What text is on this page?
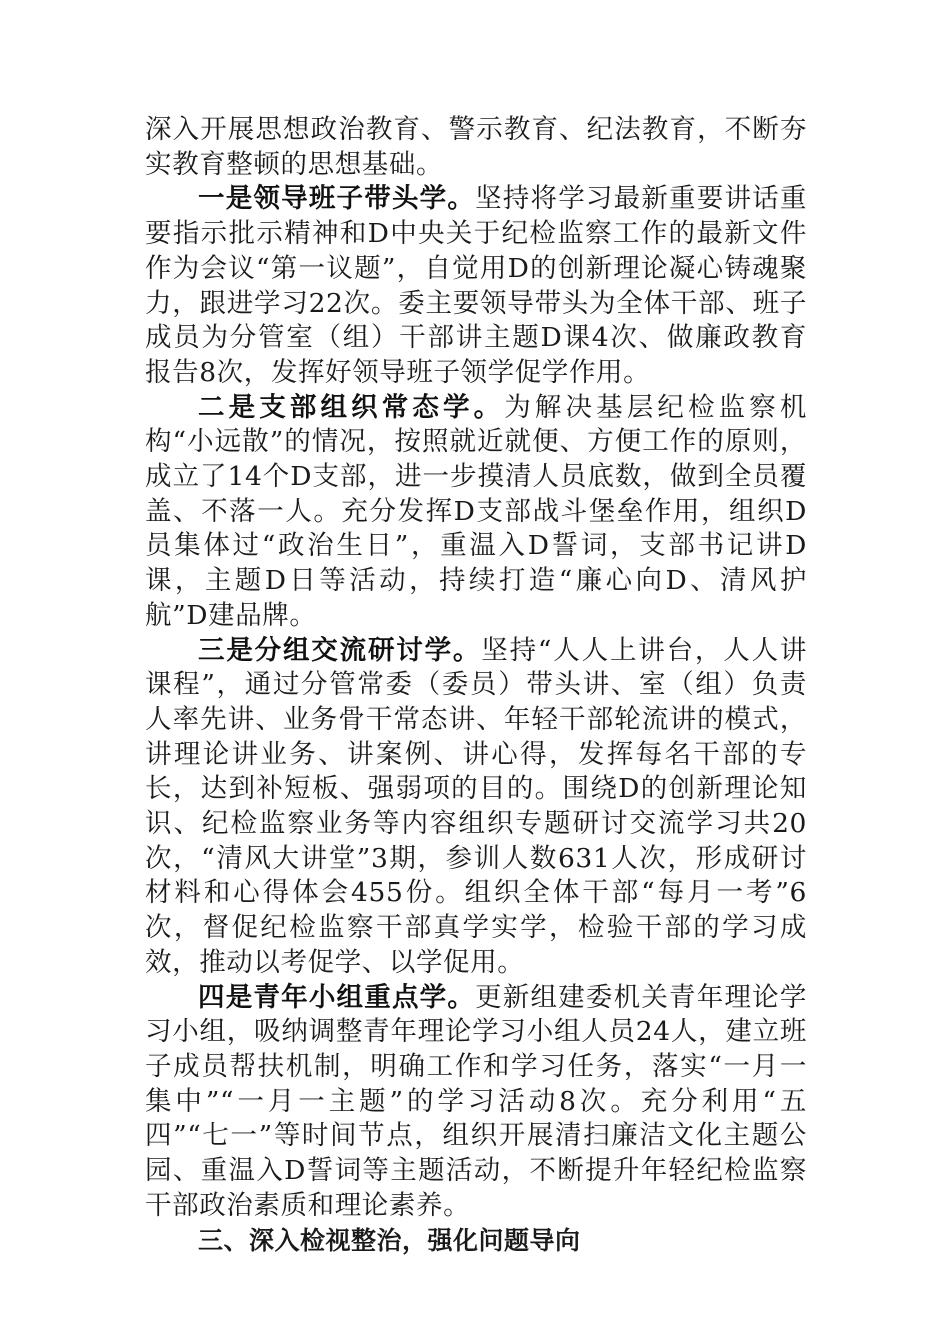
深入开展思想政治教育、警示教育、纪法教育，不断夯实教育整顿的思想基础。

一是领导班子带头学。坚持将学习最新重要讲话重要指示批示精神和D中央关于纪检监察工作的最新文件作为会议“第一议题”，自觉用D的创新理论凝心铸魂聚力，跟进学习22次。委主要领导带头为全体干部、班子成员为分管室（组）干部讲主题D课4次、做廉政教育报告8次，发挥好领导班子领学促学作用。

二是支部组织常态学。为解决基层纪检监察机构“小远散”的情况，按照就近就便、方便工作的原则，成立了14个D支部，进一步摸清人员底数，做到全员覆盖、不落一人。充分发挥D支部战斗堡垒作用，组织D员集体过“政治生日”，重温入D誓词，支部书记讲D课，主题D日等活动，持续打造“廉心向D、清风护航”D建品牌。

三是分组交流研讨学。坚持“人人上讲台，人人讲课程”，通过分管常委（委员）带头讲、室（组）负责人率先讲、业务骨干常态讲、年轻干部轮流讲的模式，讲理论讲业务、讲案例、讲心得，发挥每名干部的专长，达到补短板、强弱项的目的。围绕D的创新理论知识、纪检监察业务等内容组织专题研讨交流学习共20次，“清风大讲堂”3期，参训人数631人次，形成研讨材料和心得体会455份。组织全体干部“每月一考”6次，督促纪检监察干部真学实学，检验干部的学习成效，推动以考促学、以学促用。

四是青年小组重点学。更新组建委机关青年理论学习小组，吸纳调整青年理论学习小组人员24人，建立班子成员帮扶机制，明确工作和学习任务，落实“一月一集中”“一月一主题”的学习活动8次。充分利用“五四”“七一”等时间节点，组织开展清扫廉洁文化主题公园、重温入D誓词等主题活动，不断提升年轻纪检监察干部政治素质和理论素养。

三、深入检视整治，强化问题导向
